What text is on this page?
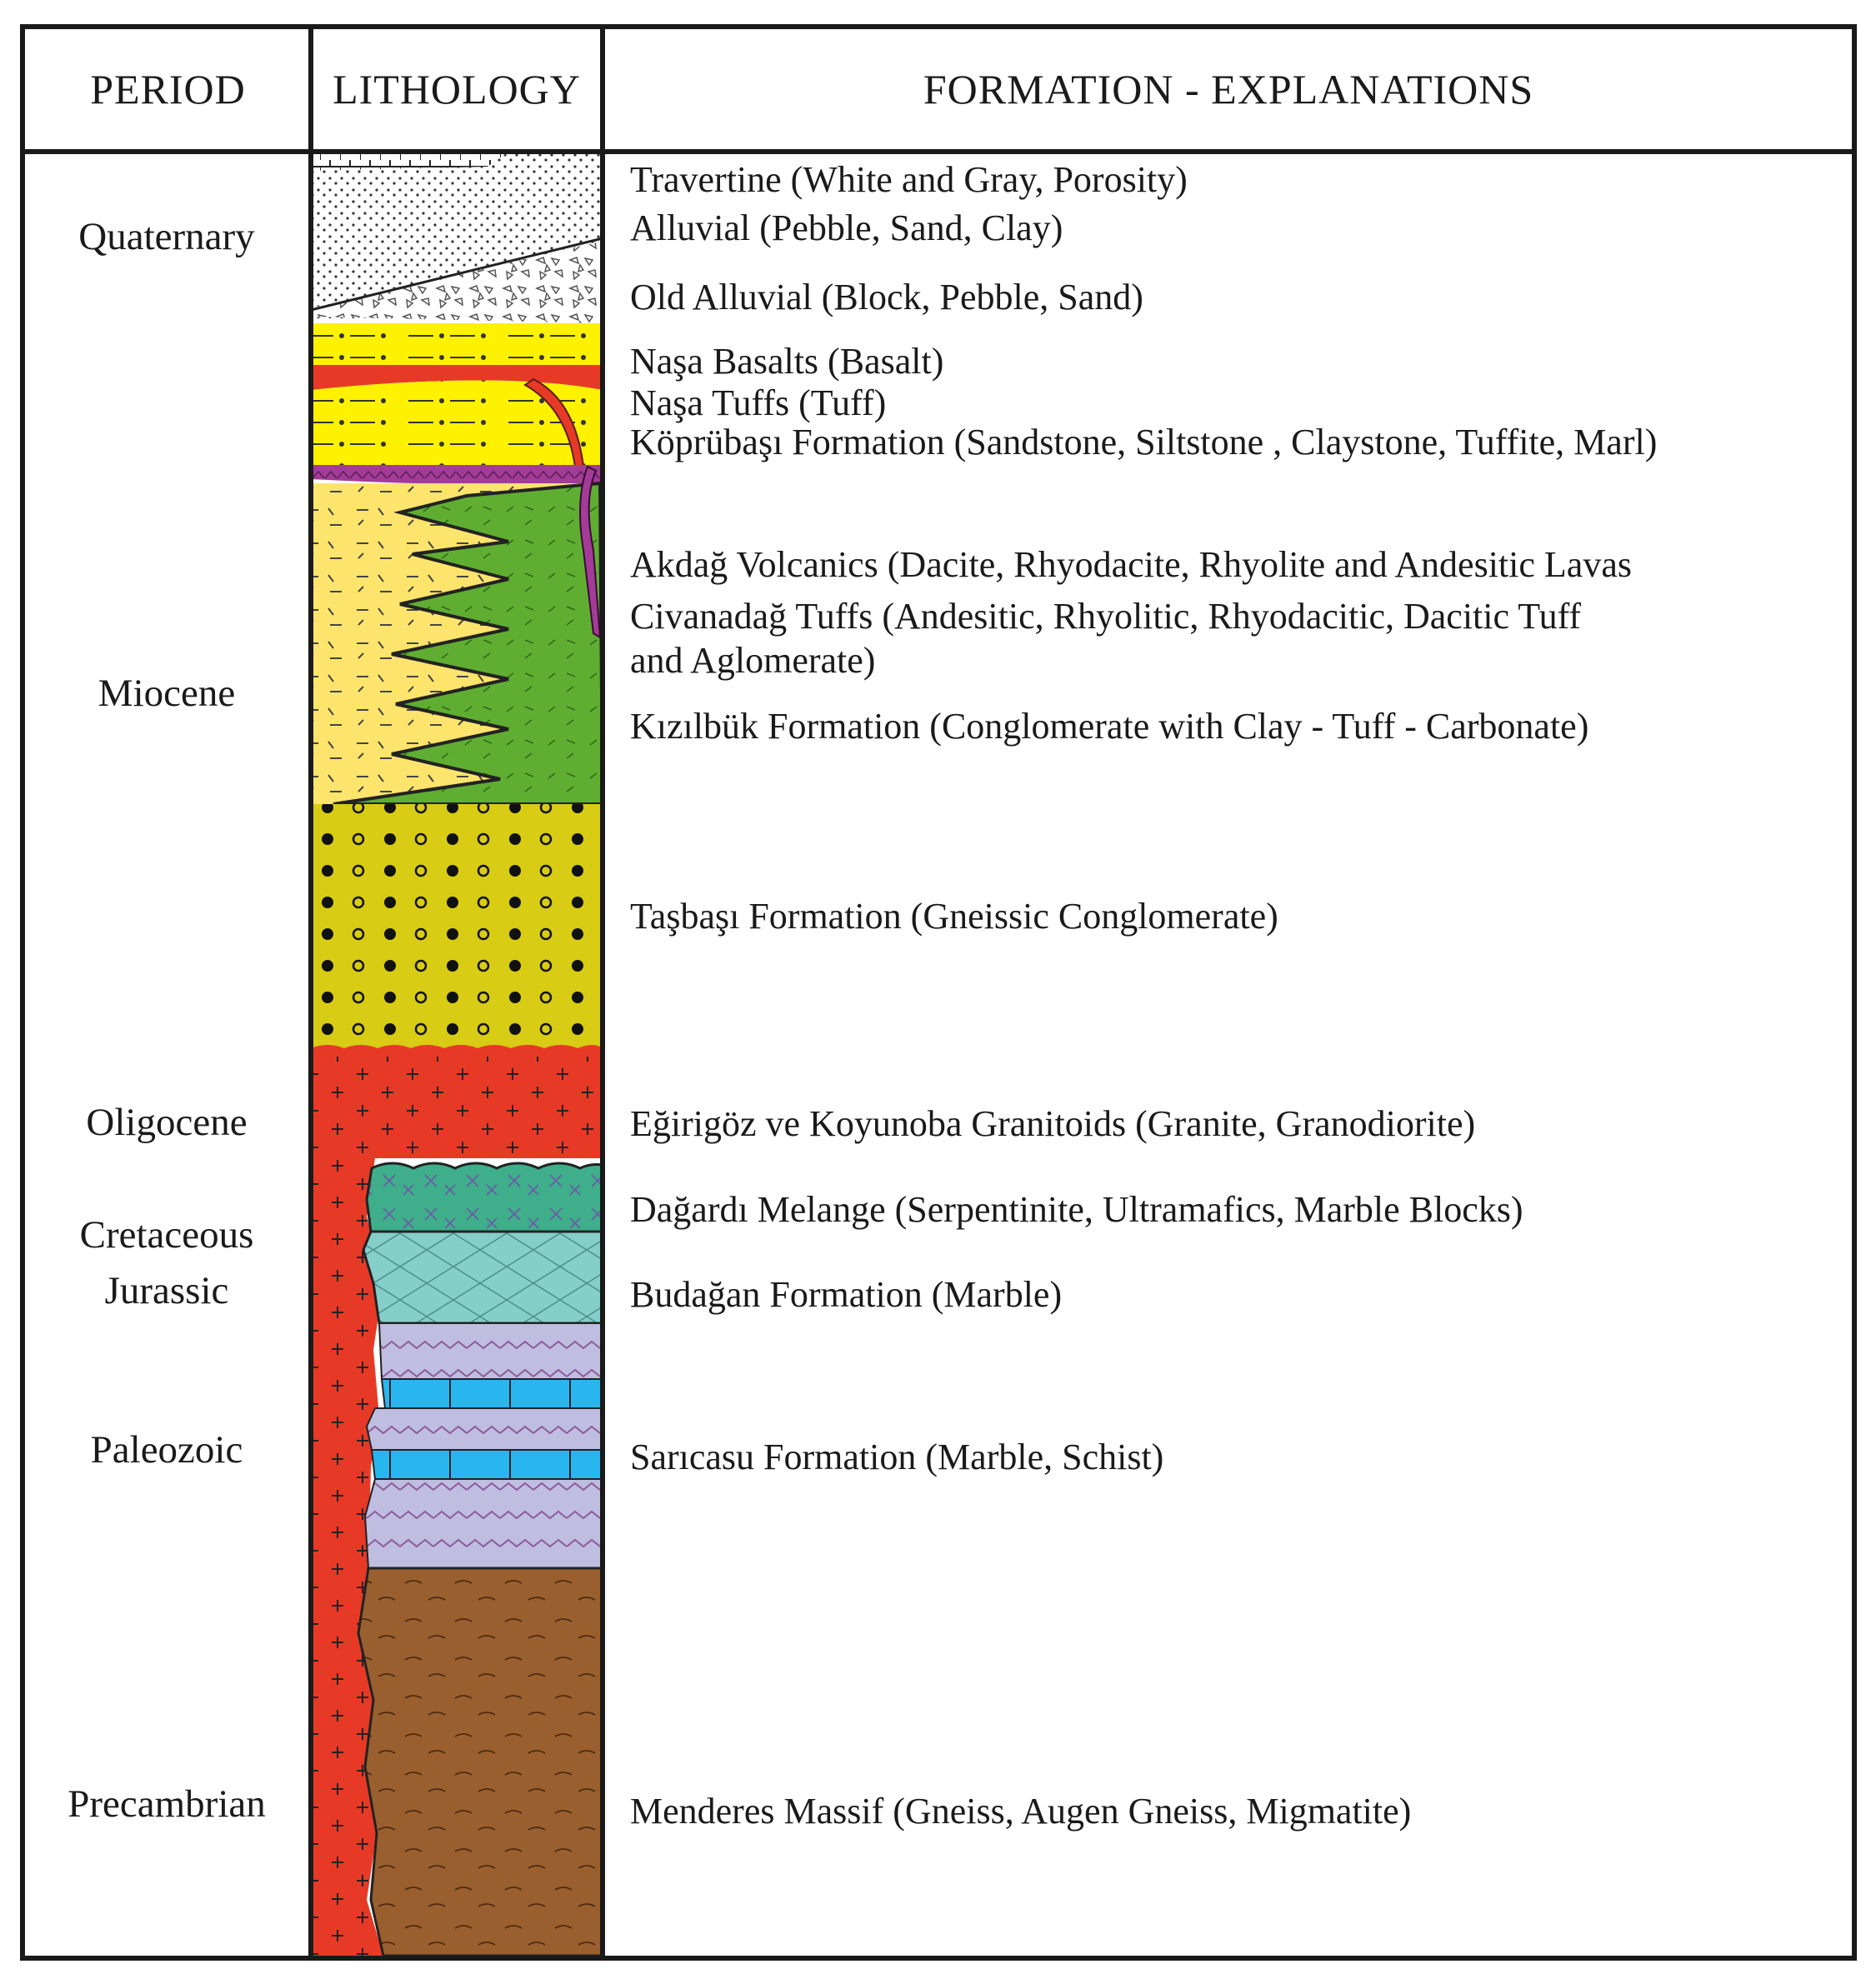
PERIOD	LITHOLOGY	FORMATION - EXPLANATIONS
Quaternary
Miocene
Oligocene
Cretaceous
Jurassic
Paleozoic
Precambrian
Travertine (White and Gray, Porosity)
Alluvial (Pebble, Sand, Clay)
Old Alluvial (Block, Pebble, Sand)
Naşa Basalts (Basalt)
Naşa Tuffs (Tuff)
Köprübaşı Formation (Sandstone, Siltstone , Claystone, Tuffite, Marl)
Akdağ Volcanics (Dacite, Rhyodacite, Rhyolite and Andesitic Lavas
Civanadağ Tuffs (Andesitic, Rhyolitic, Rhyodacitic, Dacitic Tuff
and Aglomerate)
Kızılbük Formation (Conglomerate with Clay - Tuff - Carbonate)
Taşbaşı Formation (Gneissic Conglomerate)
Eğirigöz ve Koyunoba Granitoids (Granite, Granodiorite)
Dağardı Melange (Serpentinite, Ultramafics, Marble Blocks)
Budağan Formation (Marble)
Sarıcasu Formation (Marble, Schist)
Menderes Massif (Gneiss, Augen Gneiss, Migmatite)
